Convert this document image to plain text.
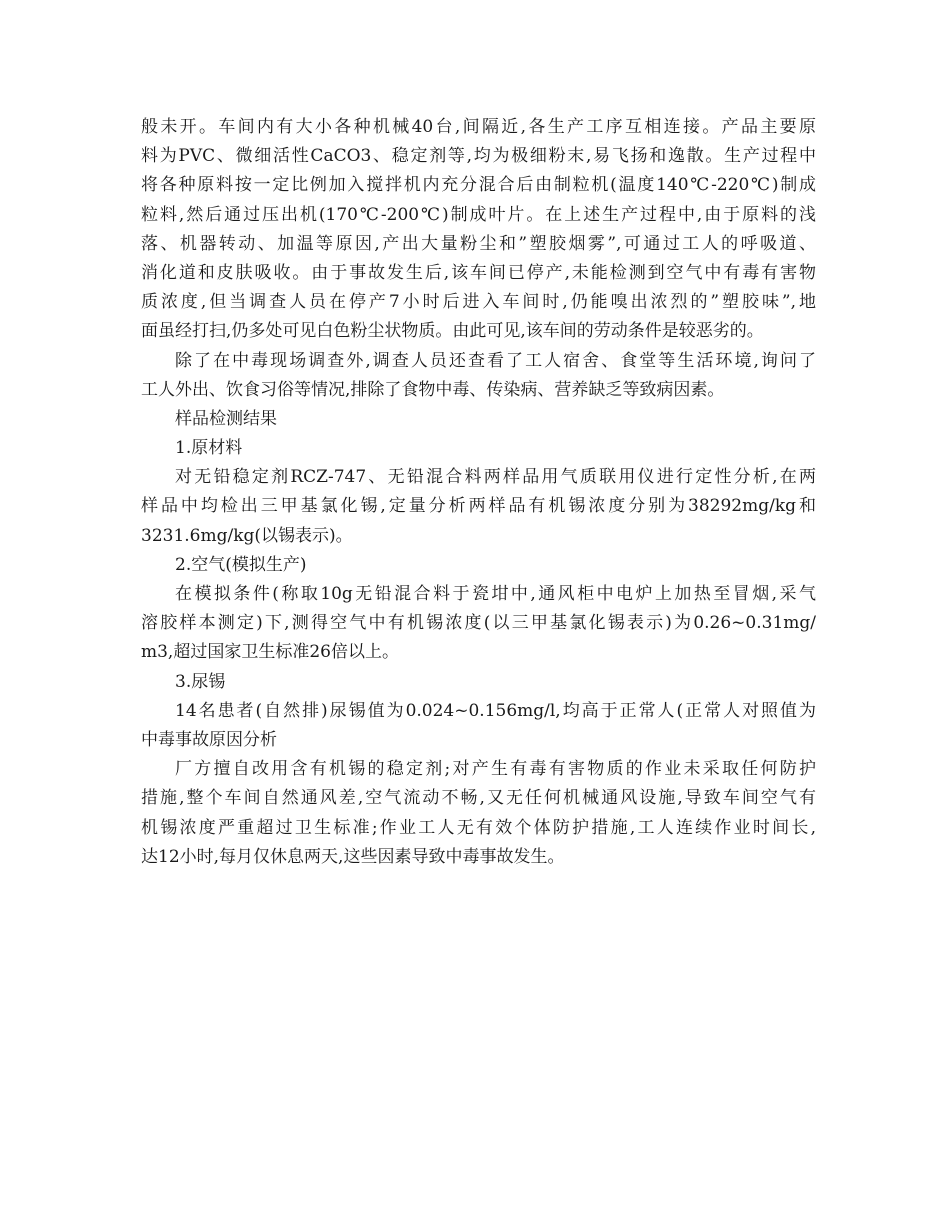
般未开。车间内有大小各种机械40台,间隔近,各生产工序互相连接。产品主要原
料为PVC、微细活性CaCO3、稳定剂等,均为极细粉末,易飞扬和逸散。生产过程中
将各种原料按一定比例加入搅拌机内充分混合后由制粒机(温度140℃-220℃)制成
粒料,然后通过压出机(170℃-200℃)制成叶片。在上述生产过程中,由于原料的浅
落、机器转动、加温等原因,产出大量粉尘和”塑胶烟雾”,可通过工人的呼吸道、
消化道和皮肤吸收。由于事故发生后,该车间已停产,未能检测到空气中有毒有害物
质浓度,但当调查人员在停产7小时后进入车间时,仍能嗅出浓烈的”塑胶味”,地
面虽经打扫,仍多处可见白色粉尘状物质。由此可见,该车间的劳动条件是较恶劣的。
除了在中毒现场调查外,调查人员还查看了工人宿舍、食堂等生活环境,询问了
工人外出、饮食习俗等情况,排除了食物中毒、传染病、营养缺乏等致病因素。
样品检测结果
1.原材料
对无铅稳定剂RCZ-747、无铅混合料两样品用气质联用仪进行定性分析,在两
样品中均检出三甲基氯化锡,定量分析两样品有机锡浓度分别为38292mg/kg和
3231.6mg/kg(以锡表示)。
2.空气(模拟生产)
在模拟条件(称取10g无铅混合料于瓷坩中,通风柜中电炉上加热至冒烟,采气
溶胶样本测定)下,测得空气中有机锡浓度(以三甲基氯化锡表示)为0.26~0.31mg/
m3,超过国家卫生标准26倍以上。
3.尿锡
14名患者(自然排)尿锡值为0.024~0.156mg/l,均高于正常人(正常人对照值为
中毒事故原因分析
厂方擅自改用含有机锡的稳定剂;对产生有毒有害物质的作业未采取任何防护
措施,整个车间自然通风差,空气流动不畅,又无任何机械通风设施,导致车间空气有
机锡浓度严重超过卫生标准;作业工人无有效个体防护措施,工人连续作业时间长,
达12小时,每月仅休息两天,这些因素导致中毒事故发生。
